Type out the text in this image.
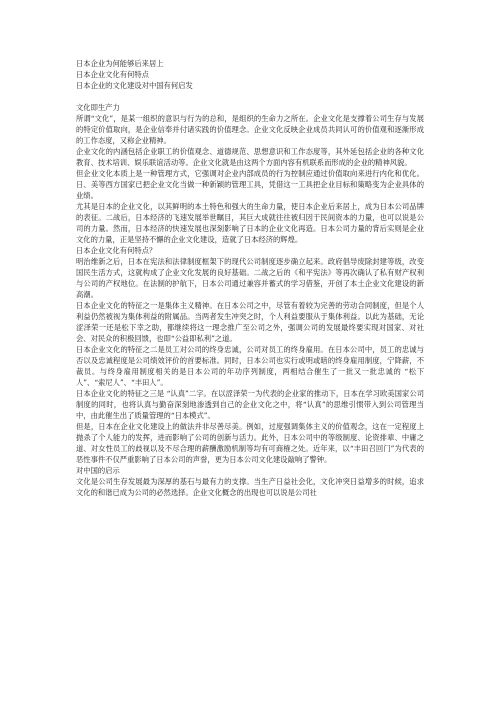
日本企业为何能够后来居上
日本企业文化有何特点
日本企业的文化建设对中国有何启发
文化即生产力
所谓“文化”，是某一组织的意识与行为的总和，是组织的生命力之所在。企业文化是支撑着公司生存与发展的特定价值取向，是企业信奉并付诸实践的价值理念。企业文化反映企业成员共同认可的价值观和逐渐形成的工作态度，又称企业精神。
企业文化的内涵包括企业职工的价值观念、道德规范、思想意识和工作态度等，其外延包括企业的各种文化教育、技术培训、娱乐联谊活动等。企业文化就是由这两个方面内容有机联系而形成的企业的精神风貌。
但企业文化本质上是一种管理方式，它强调对企业内部成员的行为控制应通过价值取向来进行内化和优化。日、美等西方国家已把企业文化当做一种新颖的管理工具，凭借这一工具把企业目标和策略变为企业具体的业绩。
尤其是日本的企业文化，以其鲜明的本土特色和强大的生命力量，使日本企业后来居上，成为日本公司品牌的表征。二战后，日本经济的飞速发展举世瞩目，其巨大成就往往被归因于民间资本的力量，也可以说是公司的力量。然而，日本经济的快速发展也深刻影响了日本的企业文化再造。日本公司力量的背后实则是企业文化的力量，正是坚持不懈的企业文化建设，造就了日本经济的辉煌。
日本企业文化有何特点？
明治维新之后，日本在宪法和法律制度框架下的现代公司制度逐步确立起来。政府倡导废除封建等级，改变国民生活方式，这就构成了企业文化发展的良好基础。二战之后的《和平宪法》等再次确认了私有财产权利与公司的产权地位。在法制的护航下，日本公司通过兼容并蓄式的学习借鉴，开创了本土企业文化建设的新高潮。
日本企业文化的特征之一是集体主义精神。在日本公司之中，尽管有着较为完善的劳动合同制度，但是个人利益仍然被视为集体利益的附属品。当两者发生冲突之时，个人利益要服从于集体利益。以此为基础，无论涩泽荣一还是松下幸之助，都继续将这一理念推广至公司之外，强调公司的发展最终要实现对国家、对社会、对民众的积极回馈，也即“公益即私利”之道。
日本企业文化的特征之二是员工对公司的终身忠诚，公司对员工的终身雇用。在日本公司中，员工的忠诚与否以及忠诚程度是公司绩效评价的首要标准。同时，日本公司也实行或明或暗的终身雇用制度，宁降薪，不裁员。与终身雇用制度相关的是日本公司的年功序列制度，两相结合催生了一批又一批忠诚的 “松下人”、“索尼人”、“丰田人”。
日本企业文化的特征之三是 “认真”二字。在以涩泽荣一为代表的企业家的推动下，日本在学习欧美国家公司制度的同时，也将认真与勤奋深刻地渗透到自己的企业文化之中，将“认真”的思维引惯带入到公司管理当中，由此催生出了质量管理的“日本模式”。
但是，日本在企业文化建设上的做法并非尽善尽美。例如，过度强调集体主义的价值观念，这在一定程度上抛杀了个人能力的发挥，进而影响了公司的创新与活力。此外，日本公司中的等级制度、论资排辈、中庸之道、对女性员工的歧视以及不尽合理的薪酬激励机制等均有可商榷之处。近年来，以“丰田召回门”为代表的恶性事件不仅严重影响了日本公司的声誉，更为日本公司文化建设敲响了警钟。
对中国的启示
文化是公司生存发展最为深厚的基石与最有力的支撑。当生产日益社会化，文化冲突日益增多的时候，追求文化的和谐已成为公司的必然选择。企业文化概念的出现也可以说是公司社
